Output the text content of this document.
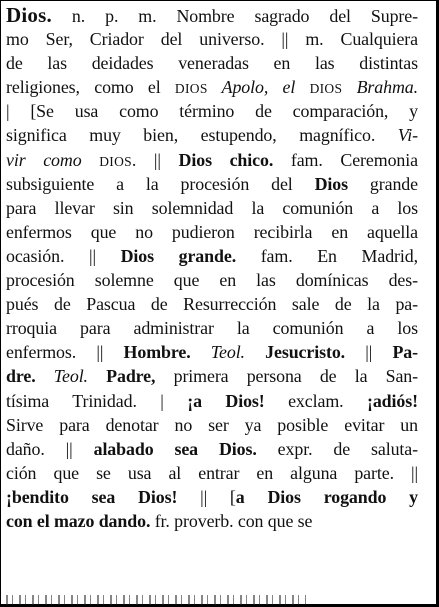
Dios. n. p. m. Nombre sagrado del Supre-
mo Ser, Criador del universo. || m. Cualquiera
de las deidades veneradas en las distintas
religiones, como el DIOS Apolo, el DIOS Brahma.
| [Se usa como término de comparación, y
significa muy bien, estupendo, magnífico. Vi-
vir como DIOS. || Dios chico. fam. Ceremonia
subsiguiente a la procesión del Dios grande
para llevar sin solemnidad la comunión a los
enfermos que no pudieron recibirla en aquella
ocasión. || Dios grande. fam. En Madrid,
procesión solemne que en las domínicas des-
pués de Pascua de Resurrección sale de la pa-
rroquia para administrar la comunión a los
enfermos. || Hombre. Teol. Jesucristo. || Pa-
dre. Teol. Padre, primera persona de la San-
tísima Trinidad. | ¡a Dios! exclam. ¡adiós!
Sirve para denotar no ser ya posible evitar un
daño. || alabado sea Dios. expr. de saluta-
ción que se usa al entrar en alguna parte. ||
¡bendito sea Dios! || [a Dios rogando y
con el mazo dando. fr. proverb. con que se
